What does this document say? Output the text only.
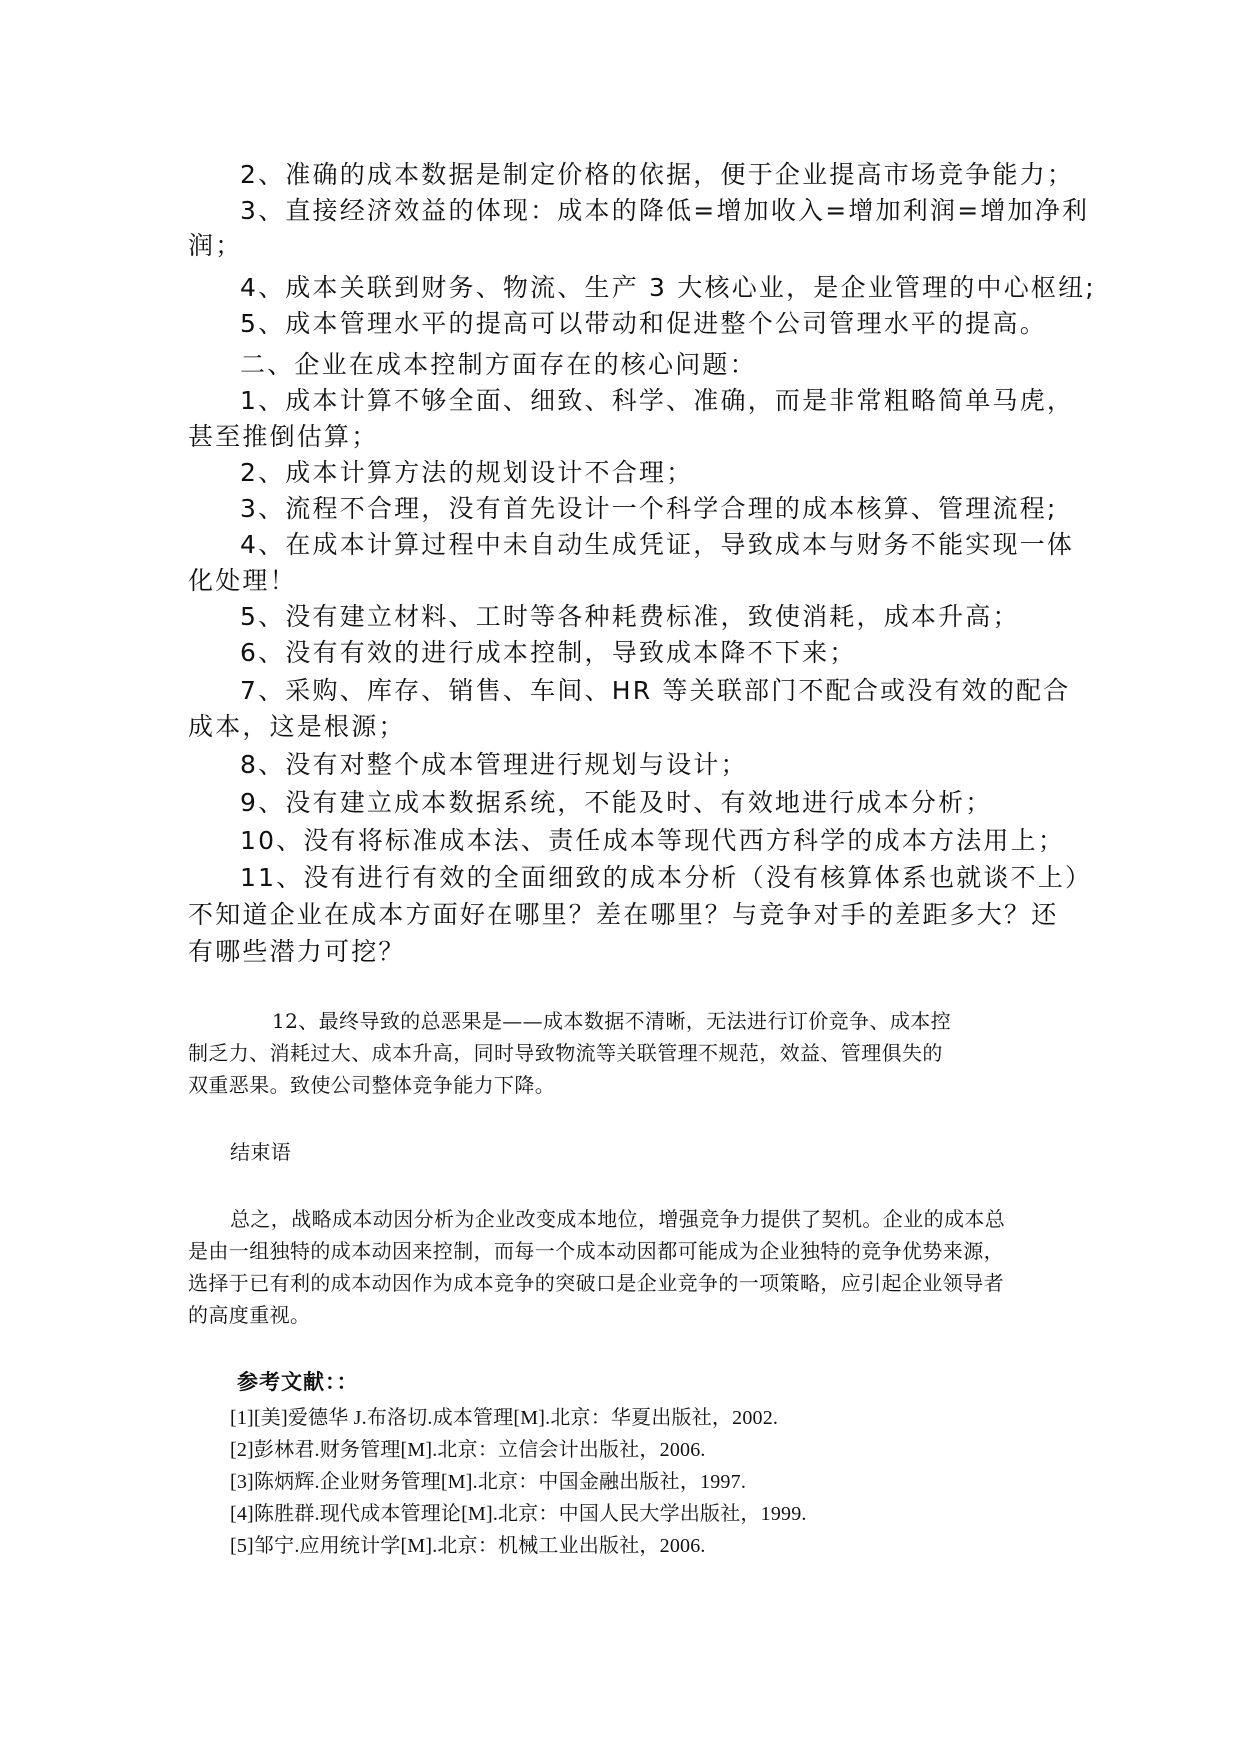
2、准确的成本数据是制定价格的依据，便于企业提高市场竞争能力；

3、直接经济效益的体现：成本的降低=增加收入=增加利润=增加净利

润；

4、成本关联到财务、物流、生产 3 大核心业，是企业管理的中心枢纽;

5、成本管理水平的提高可以带动和促进整个公司管理水平的提高。

二、企业在成本控制方面存在的核心问题：

1、成本计算不够全面、细致、科学、准确，而是非常粗略简单马虎，

甚至推倒估算；

2、成本计算方法的规划设计不合理；

3、流程不合理，没有首先设计一个科学合理的成本核算、管理流程;

4、在成本计算过程中未自动生成凭证，导致成本与财务不能实现一体

化处理！

5、没有建立材料、工时等各种耗费标准，致使消耗，成本升高；

6、没有有效的进行成本控制，导致成本降不下来；

7、采购、库存、销售、车间、HR 等关联部门不配合或没有效的配合

成本，这是根源；

8、没有对整个成本管理进行规划与设计；

9、没有建立成本数据系统，不能及时、有效地进行成本分析；

10、没有将标准成本法、责任成本等现代西方科学的成本方法用上；

11、没有进行有效的全面细致的成本分析（没有核算体系也就谈不上）

不知道企业在成本方面好在哪里？差在哪里？与竞争对手的差距多大？还

有哪些潜力可挖？

12、最终导致的总恶果是——成本数据不清晰，无法进行订价竞争、成本控

制乏力、消耗过大、成本升高，同时导致物流等关联管理不规范，效益、管理俱失的

双重恶果。致使公司整体竞争能力下降。

结束语

总之，战略成本动因分析为企业改变成本地位，增强竞争力提供了契机。企业的成本总

是由一组独特的成本动因来控制，而每一个成本动因都可能成为企业独特的竞争优势来源，

选择于已有利的成本动因作为成本竞争的突破口是企业竞争的一项策略，应引起企业领导者

的高度重视。

参考文献：：

[1][美]爱德华 J.布洛切.成本管理[M].北京：华夏出版社，2002.

[2]彭林君.财务管理[M].北京：立信会计出版社，2006.

[3]陈炳辉.企业财务管理[M].北京：中国金融出版社，1997.

[4]陈胜群.现代成本管理论[M].北京：中国人民大学出版社，1999.

[5]邹宁.应用统计学[M].北京：机械工业出版社，2006.
